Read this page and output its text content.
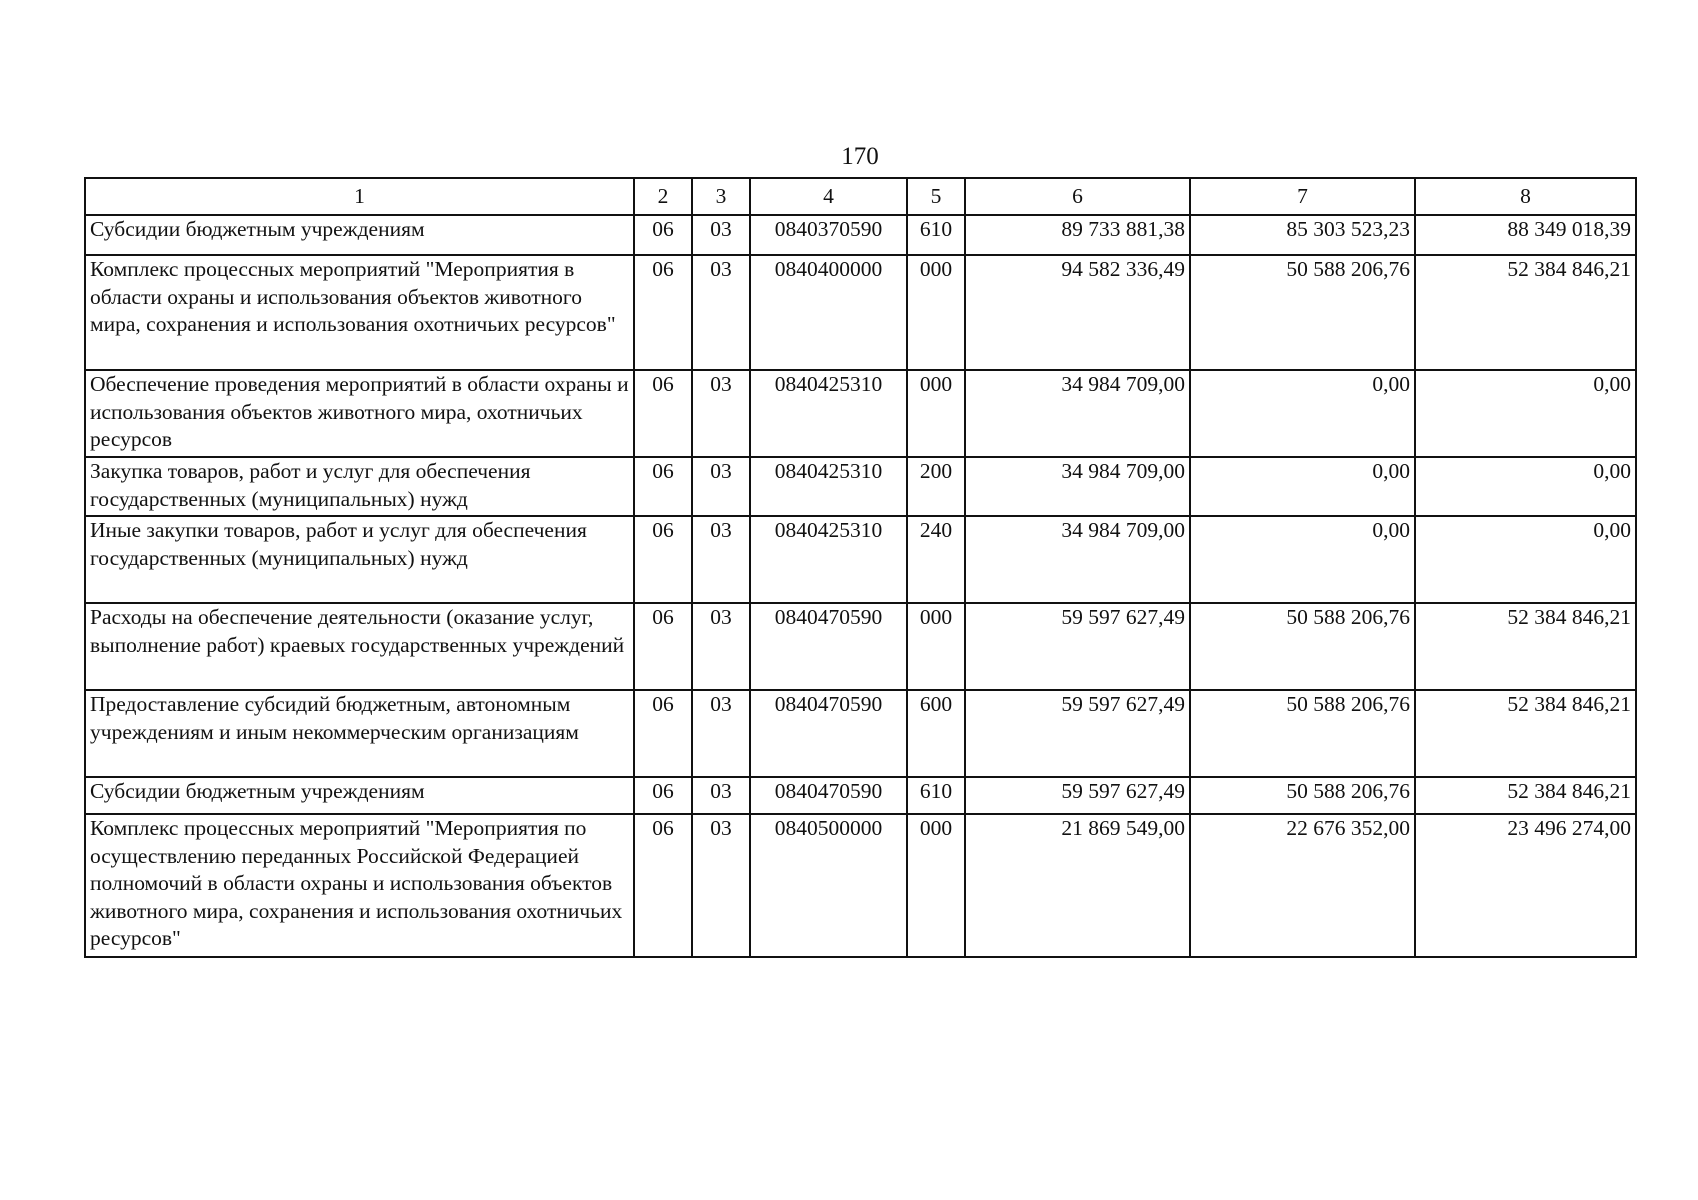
170
1	2	3	4	5	6	7	8
Субсидии бюджетным учреждениям	06	03	0840370590	610	89 733 881,38	85 303 523,23	88 349 018,39
Комплекс процессных мероприятий "Мероприятия в области охраны и использования объектов животного мира, сохранения и использования охотничьих ресурсов"	06	03	0840400000	000	94 582 336,49	50 588 206,76	52 384 846,21
Обеспечение проведения мероприятий в области охраны и использования объектов животного мира, охотничьих ресурсов	06	03	0840425310	000	34 984 709,00	0,00	0,00
Закупка товаров, работ и услуг для обеспечения государственных (муниципальных) нужд	06	03	0840425310	200	34 984 709,00	0,00	0,00
Иные закупки товаров, работ и услуг для обеспечения государственных (муниципальных) нужд	06	03	0840425310	240	34 984 709,00	0,00	0,00
Расходы на обеспечение деятельности (оказание услуг, выполнение работ) краевых государственных учреждений	06	03	0840470590	000	59 597 627,49	50 588 206,76	52 384 846,21
Предоставление субсидий бюджетным, автономным учреждениям и иным некоммерческим организациям	06	03	0840470590	600	59 597 627,49	50 588 206,76	52 384 846,21
Субсидии бюджетным учреждениям	06	03	0840470590	610	59 597 627,49	50 588 206,76	52 384 846,21
Комплекс процессных мероприятий "Мероприятия по осуществлению переданных Российской Федерацией полномочий в области охраны и использования объектов животного мира, сохранения и использования охотничьих ресурсов"	06	03	0840500000	000	21 869 549,00	22 676 352,00	23 496 274,00
